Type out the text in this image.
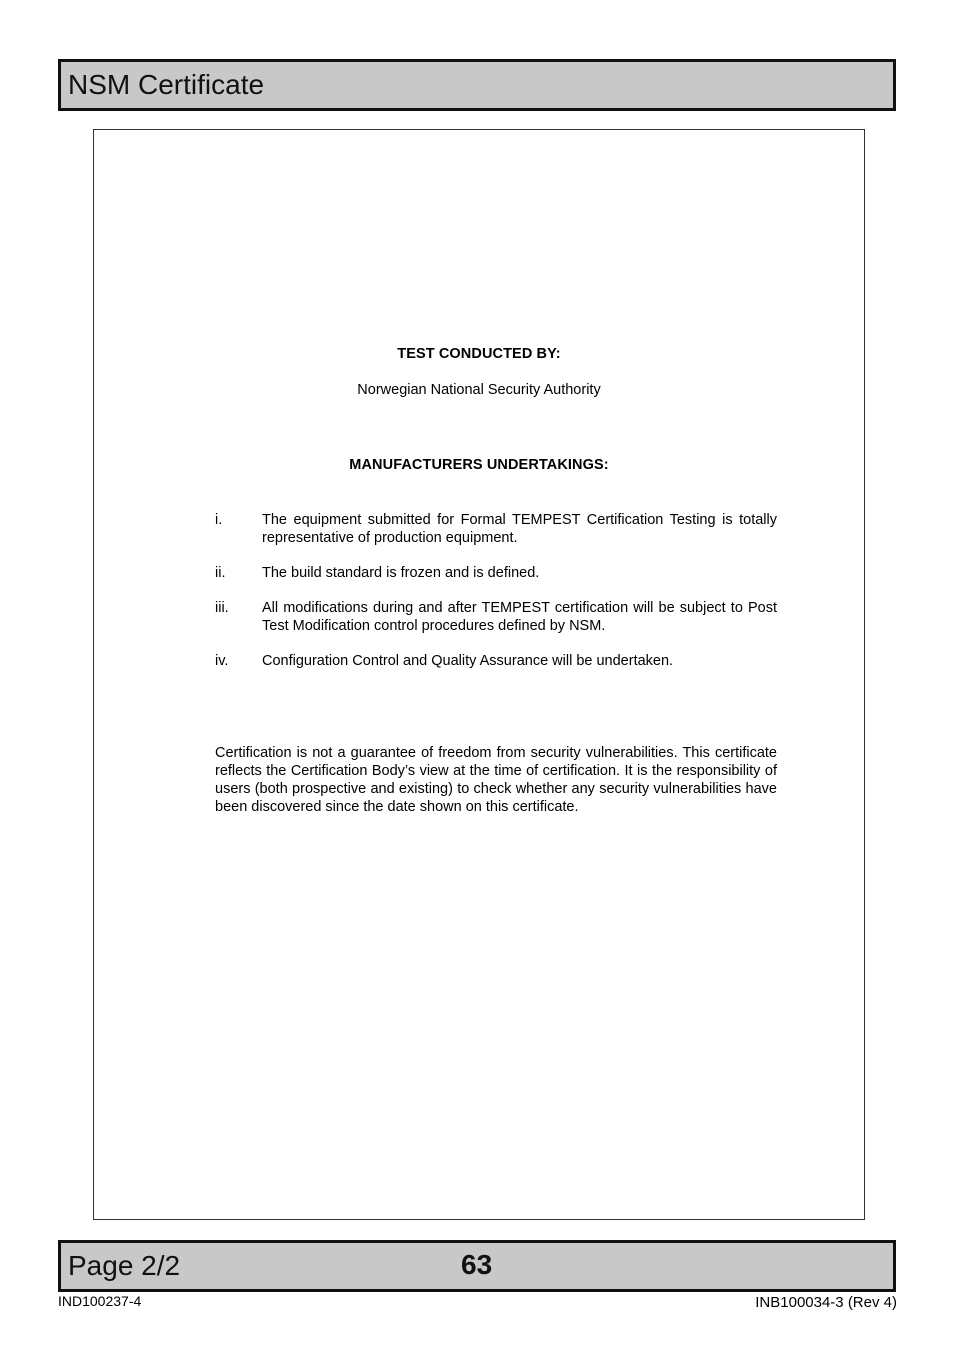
NSM Certificate
TEST CONDUCTED BY:
Norwegian National Security Authority
MANUFACTURERS UNDERTAKINGS:
i.	The equipment submitted for Formal TEMPEST Certification Testing is totally representative of production equipment.
ii.	The build standard is frozen and is defined.
iii. All modifications during and after TEMPEST certification will be subject to Post Test Modification control procedures defined by NSM.
iv. Configuration Control and Quality Assurance will be undertaken.

Certification is not a guarantee of freedom from security vulnerabilities. This certificate reflects the Certification Body’s view at the time of certification. It is the responsibility of users (both prospective and existing) to check whether any security vulnerabilities have been discovered since the date shown on this certificate.

Page 2/2	63
IND100237-4	INB100034-3 (Rev 4)
